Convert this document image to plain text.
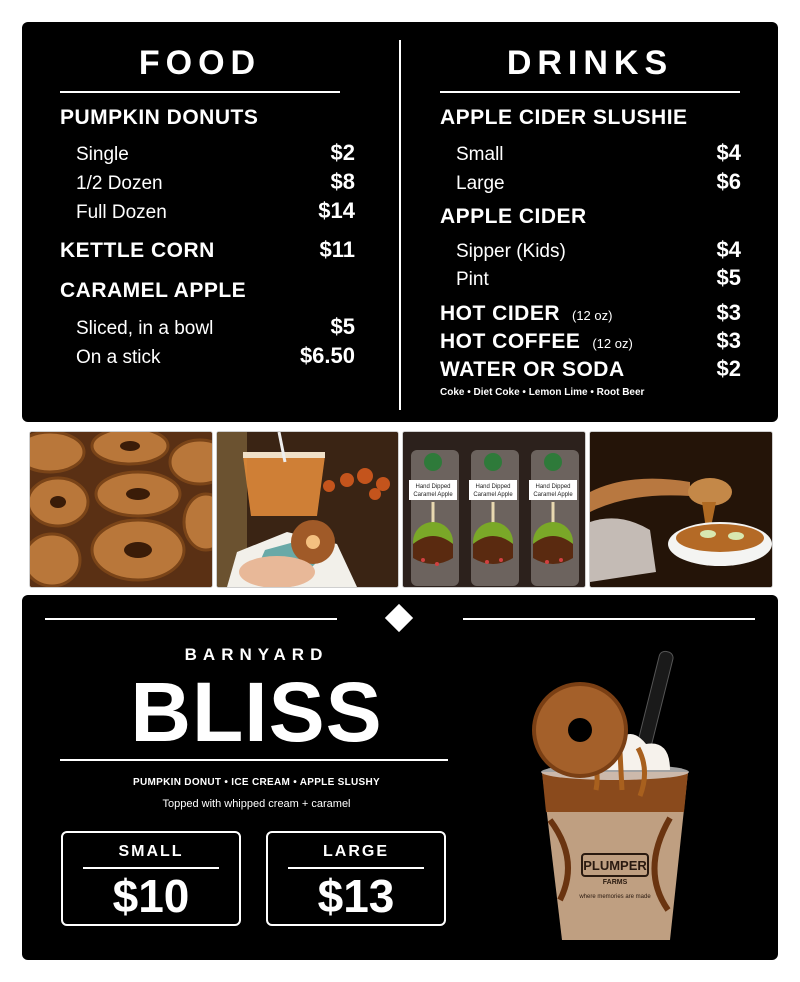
FOOD	DRINKS
PUMPKIN DONUTS
Single	$2
1/2 Dozen	$8
Full Dozen	$14
KETTLE CORN	$11
CARAMEL APPLE
Sliced, in a bowl	$5
On a stick	$6.50
APPLE CIDER SLUSHIE
Small	$4
Large	$6
APPLE CIDER
Sipper (Kids)	$4
Pint	$5
HOT CIDER (12 oz)	$3
HOT COFFEE (12 oz)	$3
WATER OR SODA	$2
Coke • Diet Coke • Lemon Lime • Root Beer
Hand Dipped
Caramel Apple
Hand Dipped
Caramel Apple
Hand Dipped
Caramel Apple
BARNYARD
BLISS
PUMPKIN DONUT • ICE CREAM • APPLE SLUSHY
Topped with whipped cream + caramel
SMALL
$10
LARGE
$13
PLUMPER
FARMS
where memories are made
